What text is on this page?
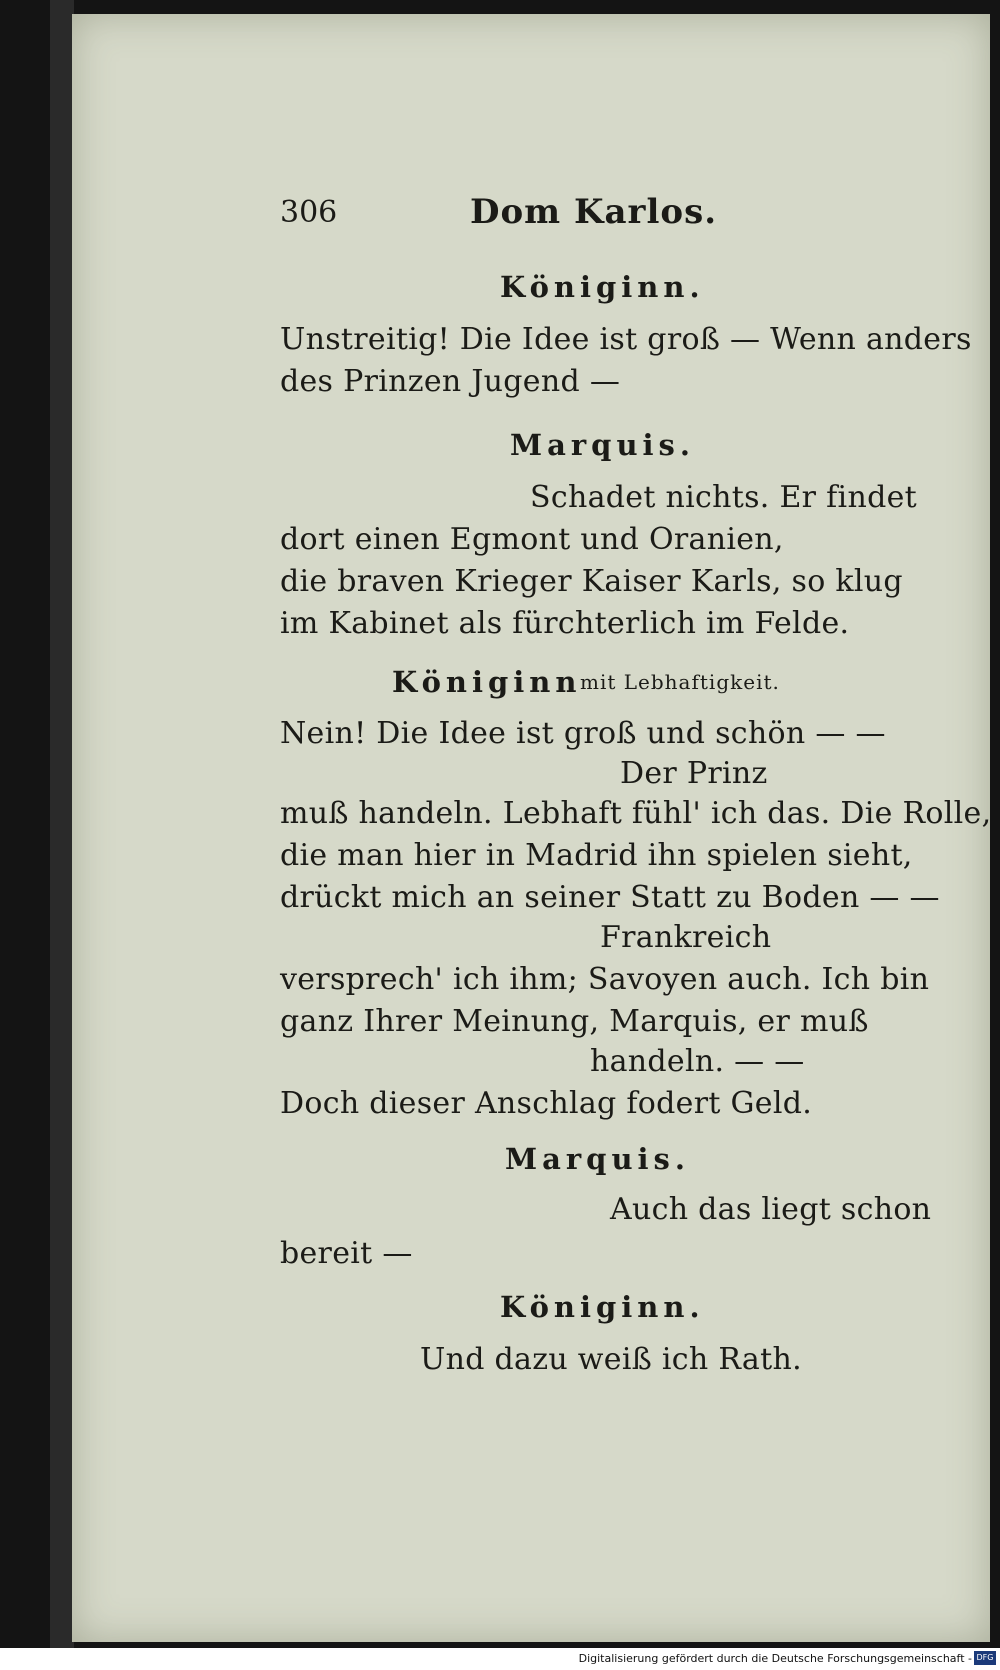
306	Dom Karlos.
Königinn.
Unstreitig! Die Idee ist groß — Wenn anders
des Prinzen Jugend —
Marquis.
Schadet nichts. Er findet
dort einen Egmont und Oranien,
die braven Krieger Kaiser Karls, so klug
im Kabinet als fürchterlich im Felde.
Königinn
mit Lebhaftigkeit.
Nein! Die Idee ist groß und schön — —
Der Prinz
muß handeln. Lebhaft fühl' ich das. Die Rolle,
die man hier in Madrid ihn spielen sieht,
drückt mich an seiner Statt zu Boden — —
Frankreich
versprech' ich ihm; Savoyen auch. Ich bin
ganz Ihrer Meinung, Marquis, er muß
handeln. — —
Doch dieser Anschlag fodert Geld.
Marquis.
Auch das liegt schon
bereit —
Königinn.
Und dazu weiß ich Rath.
Digitalisierung gefördert durch die Deutsche Forschungsgemeinschaft - DFG
